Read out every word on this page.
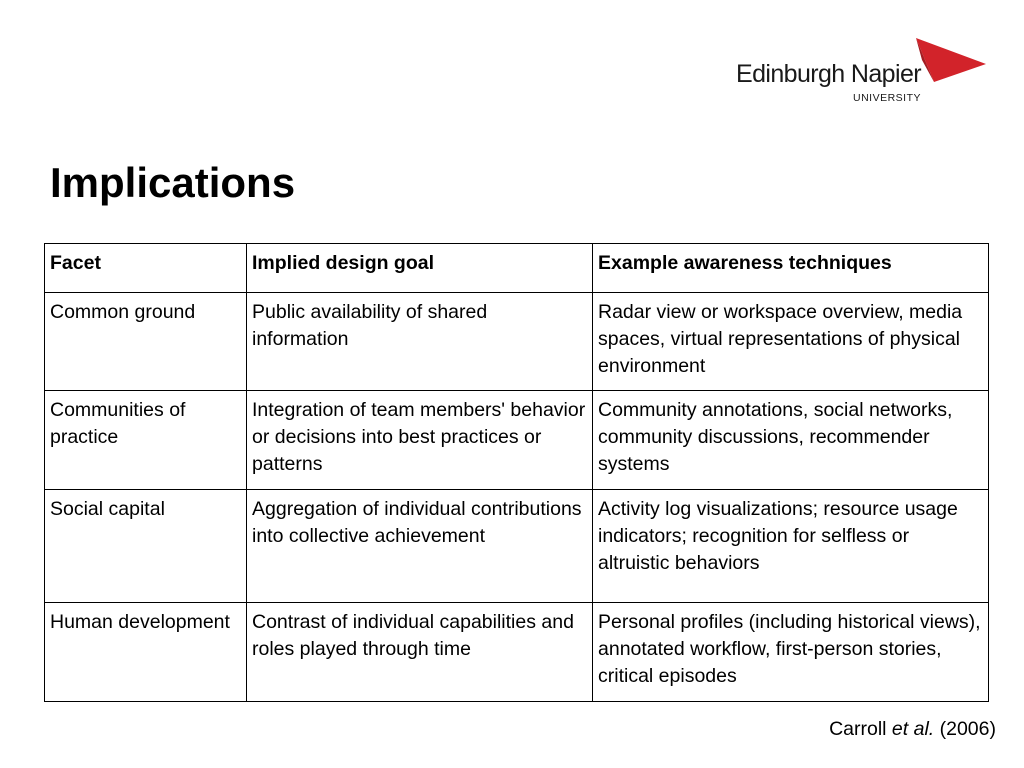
Edinburgh Napier
UNIVERSITY
Implications
Facet	Implied design goal	Example awareness techniques
Common ground	Public availability of shared information	Radar view or workspace overview, media spaces, virtual representations of physical environment
Communities of practice	Integration of team members' behavior or decisions into best practices or patterns	Community annotations, social networks, community discussions, recommender systems
Social capital	Aggregation of individual contributions into collective achievement	Activity log visualizations; resource usage indicators; recognition for selfless or altruistic behaviors
Human development	Contrast of individual capabilities and roles played through time	Personal profiles (including historical views), annotated workflow, first-person stories, critical episodes
Carroll et al. (2006)
